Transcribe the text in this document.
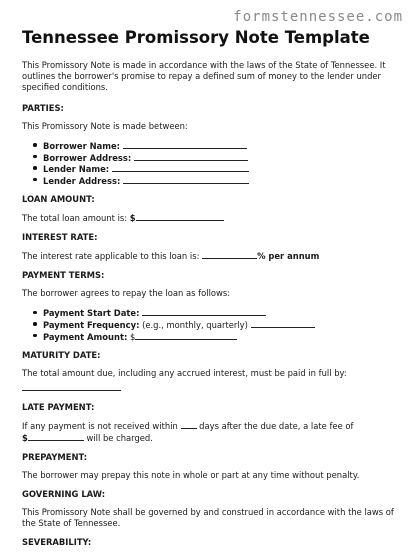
formstennessee.com
Tennessee Promissory Note Template

This Promissory Note is made in accordance with the laws of the State of Tennessee. It outlines the borrower's promise to repay a defined sum of money to the lender under specified conditions.

PARTIES:

This Promissory Note is made between:

Borrower Name:
Borrower Address:
Lender Name:
Lender Address:
LOAN AMOUNT:

The total loan amount is: $

INTEREST RATE:

The interest rate applicable to this loan is:	% per annum

PAYMENT TERMS:

The borrower agrees to repay the loan as follows:

Payment Start Date:
Payment Frequency: (e.g., monthly, quarterly)
Payment Amount: $
MATURITY DATE:

The total amount due, including any accrued interest, must be paid in full by:

LATE PAYMENT:

If any payment is not received within	days after the due date, a late fee of
$	will be charged.

PREPAYMENT:

The borrower may prepay this note in whole or part at any time without penalty.

GOVERNING LAW:

This Promissory Note shall be governed by and construed in accordance with the laws of the State of Tennessee.

SEVERABILITY:
